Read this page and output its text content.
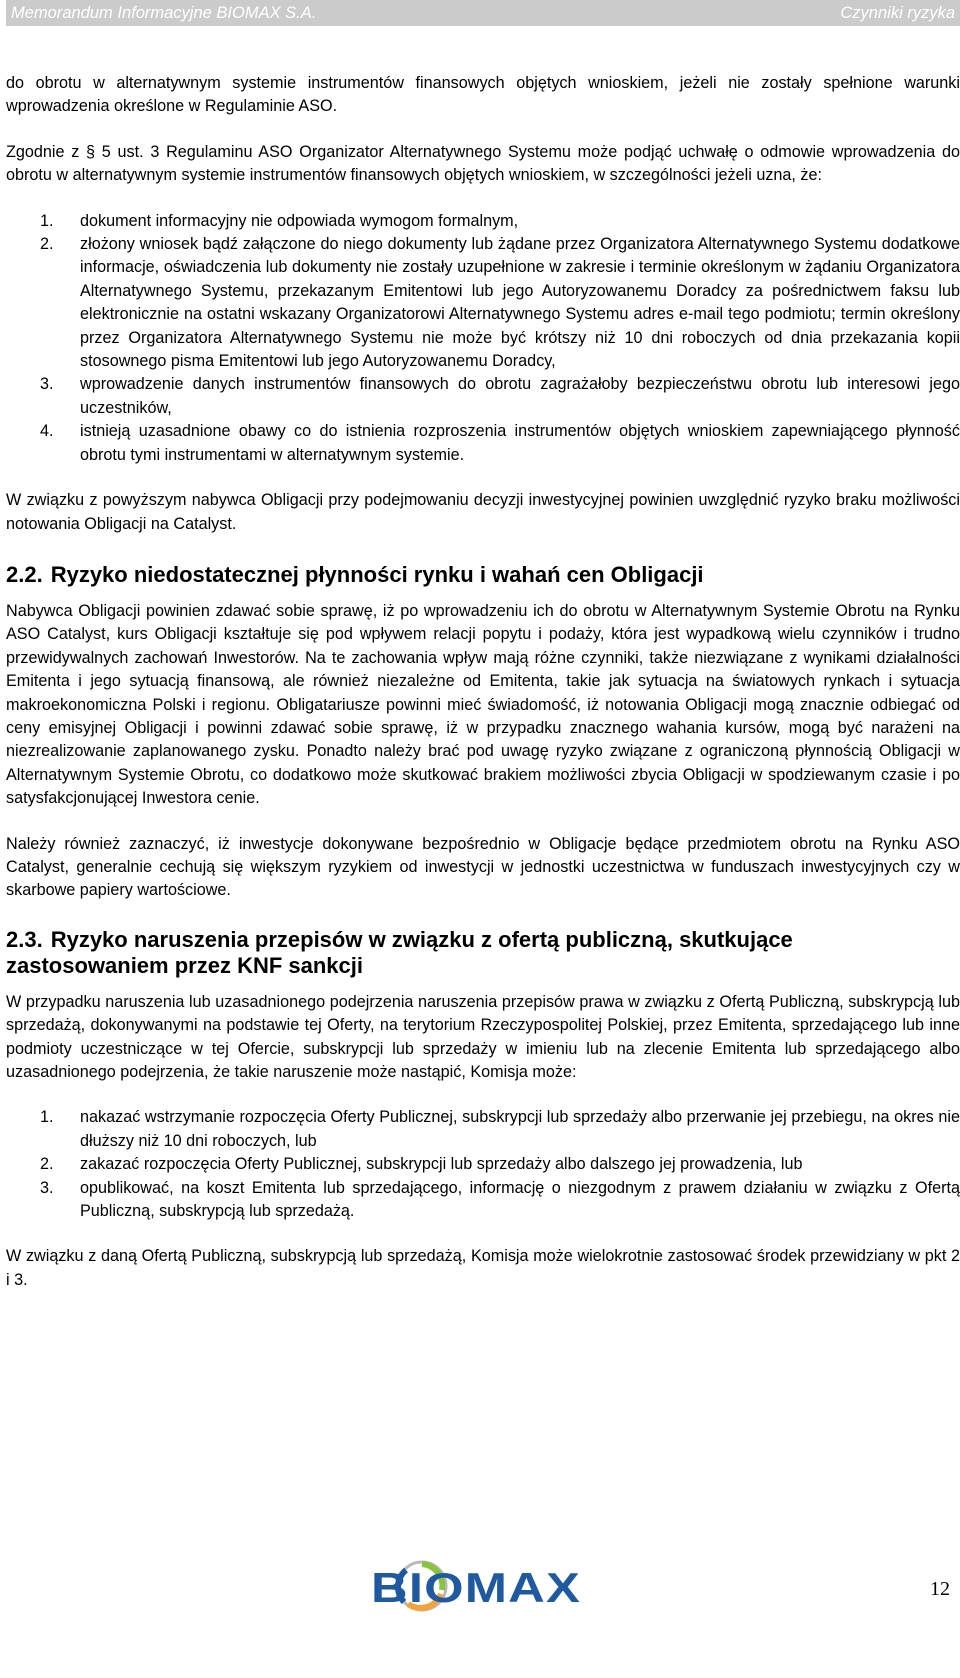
Memorandum Informacyjne BIOMAX S.A.	Czynniki ryzyka

do obrotu w alternatywnym systemie instrumentów finansowych objętych wnioskiem, jeżeli nie zostały spełnione warunki wprowadzenia określone w Regulaminie ASO.

Zgodnie z § 5 ust. 3 Regulaminu ASO Organizator Alternatywnego Systemu może podjąć uchwałę o odmowie wprowadzenia do obrotu w alternatywnym systemie instrumentów finansowych objętych wnioskiem, w szczególności jeżeli uzna, że:

1. dokument informacyjny nie odpowiada wymogom formalnym,
2. złożony wniosek bądź załączone do niego dokumenty lub żądane przez Organizatora Alternatywnego Systemu dodatkowe informacje, oświadczenia lub dokumenty nie zostały uzupełnione w zakresie i terminie określonym w żądaniu Organizatora Alternatywnego Systemu, przekazanym Emitentowi lub jego Autoryzowanemu Doradcy za pośrednictwem faksu lub elektronicznie na ostatni wskazany Organizatorowi Alternatywnego Systemu adres e-mail tego podmiotu; termin określony przez Organizatora Alternatywnego Systemu nie może być krótszy niż 10 dni roboczych od dnia przekazania kopii stosownego pisma Emitentowi lub jego Autoryzowanemu Doradcy,
3. wprowadzenie danych instrumentów finansowych do obrotu zagrażałoby bezpieczeństwu obrotu lub interesowi jego uczestników,
4. istnieją uzasadnione obawy co do istnienia rozproszenia instrumentów objętych wnioskiem zapewniającego płynność obrotu tymi instrumentami w alternatywnym systemie.

W związku z powyższym nabywca Obligacji przy podejmowaniu decyzji inwestycyjnej powinien uwzględnić ryzyko braku możliwości notowania Obligacji na Catalyst.

2.2. Ryzyko niedostatecznej płynności rynku i wahań cen Obligacji

Nabywca Obligacji powinien zdawać sobie sprawę, iż po wprowadzeniu ich do obrotu w Alternatywnym Systemie Obrotu na Rynku ASO Catalyst, kurs Obligacji kształtuje się pod wpływem relacji popytu i podaży, która jest wypadkową wielu czynników i trudno przewidywalnych zachowań Inwestorów. Na te zachowania wpływ mają różne czynniki, także niezwiązane z wynikami działalności Emitenta i jego sytuacją finansową, ale również niezależne od Emitenta, takie jak sytuacja na światowych rynkach i sytuacja makroekonomiczna Polski i regionu. Obligatariusze powinni mieć świadomość, iż notowania Obligacji mogą znacznie odbiegać od ceny emisyjnej Obligacji i powinni zdawać sobie sprawę, iż w przypadku znacznego wahania kursów, mogą być narażeni na niezrealizowanie zaplanowanego zysku. Ponadto należy brać pod uwagę ryzyko związane z ograniczoną płynnością Obligacji w Alternatywnym Systemie Obrotu, co dodatkowo może skutkować brakiem możliwości zbycia Obligacji w spodziewanym czasie i po satysfakcjonującej Inwestora cenie.

Należy również zaznaczyć, iż inwestycje dokonywane bezpośrednio w Obligacje będące przedmiotem obrotu na Rynku ASO Catalyst, generalnie cechują się większym ryzykiem od inwestycji w jednostki uczestnictwa w funduszach inwestycyjnych czy w skarbowe papiery wartościowe.

2.3. Ryzyko naruszenia przepisów w związku z ofertą publiczną, skutkujące zastosowaniem przez KNF sankcji

W przypadku naruszenia lub uzasadnionego podejrzenia naruszenia przepisów prawa w związku z Ofertą Publiczną, subskrypcją lub sprzedażą, dokonywanymi na podstawie tej Oferty, na terytorium Rzeczypospolitej Polskiej, przez Emitenta, sprzedającego lub inne podmioty uczestniczące w tej Ofercie, subskrypcji lub sprzedaży w imieniu lub na zlecenie Emitenta lub sprzedającego albo uzasadnionego podejrzenia, że takie naruszenie może nastąpić, Komisja może:

1. nakazać wstrzymanie rozpoczęcia Oferty Publicznej, subskrypcji lub sprzedaży albo przerwanie jej przebiegu, na okres nie dłuższy niż 10 dni roboczych, lub
2. zakazać rozpoczęcia Oferty Publicznej, subskrypcji lub sprzedaży albo dalszego jej prowadzenia, lub
3. opublikować, na koszt Emitenta lub sprzedającego, informację o niezgodnym z prawem działaniu w związku z Ofertą Publiczną, subskrypcją lub sprzedażą.

W związku z daną Ofertą Publiczną, subskrypcją lub sprzedażą, Komisja może wielokrotnie zastosować środek przewidziany w pkt 2 i 3.

BIOMAX	12
